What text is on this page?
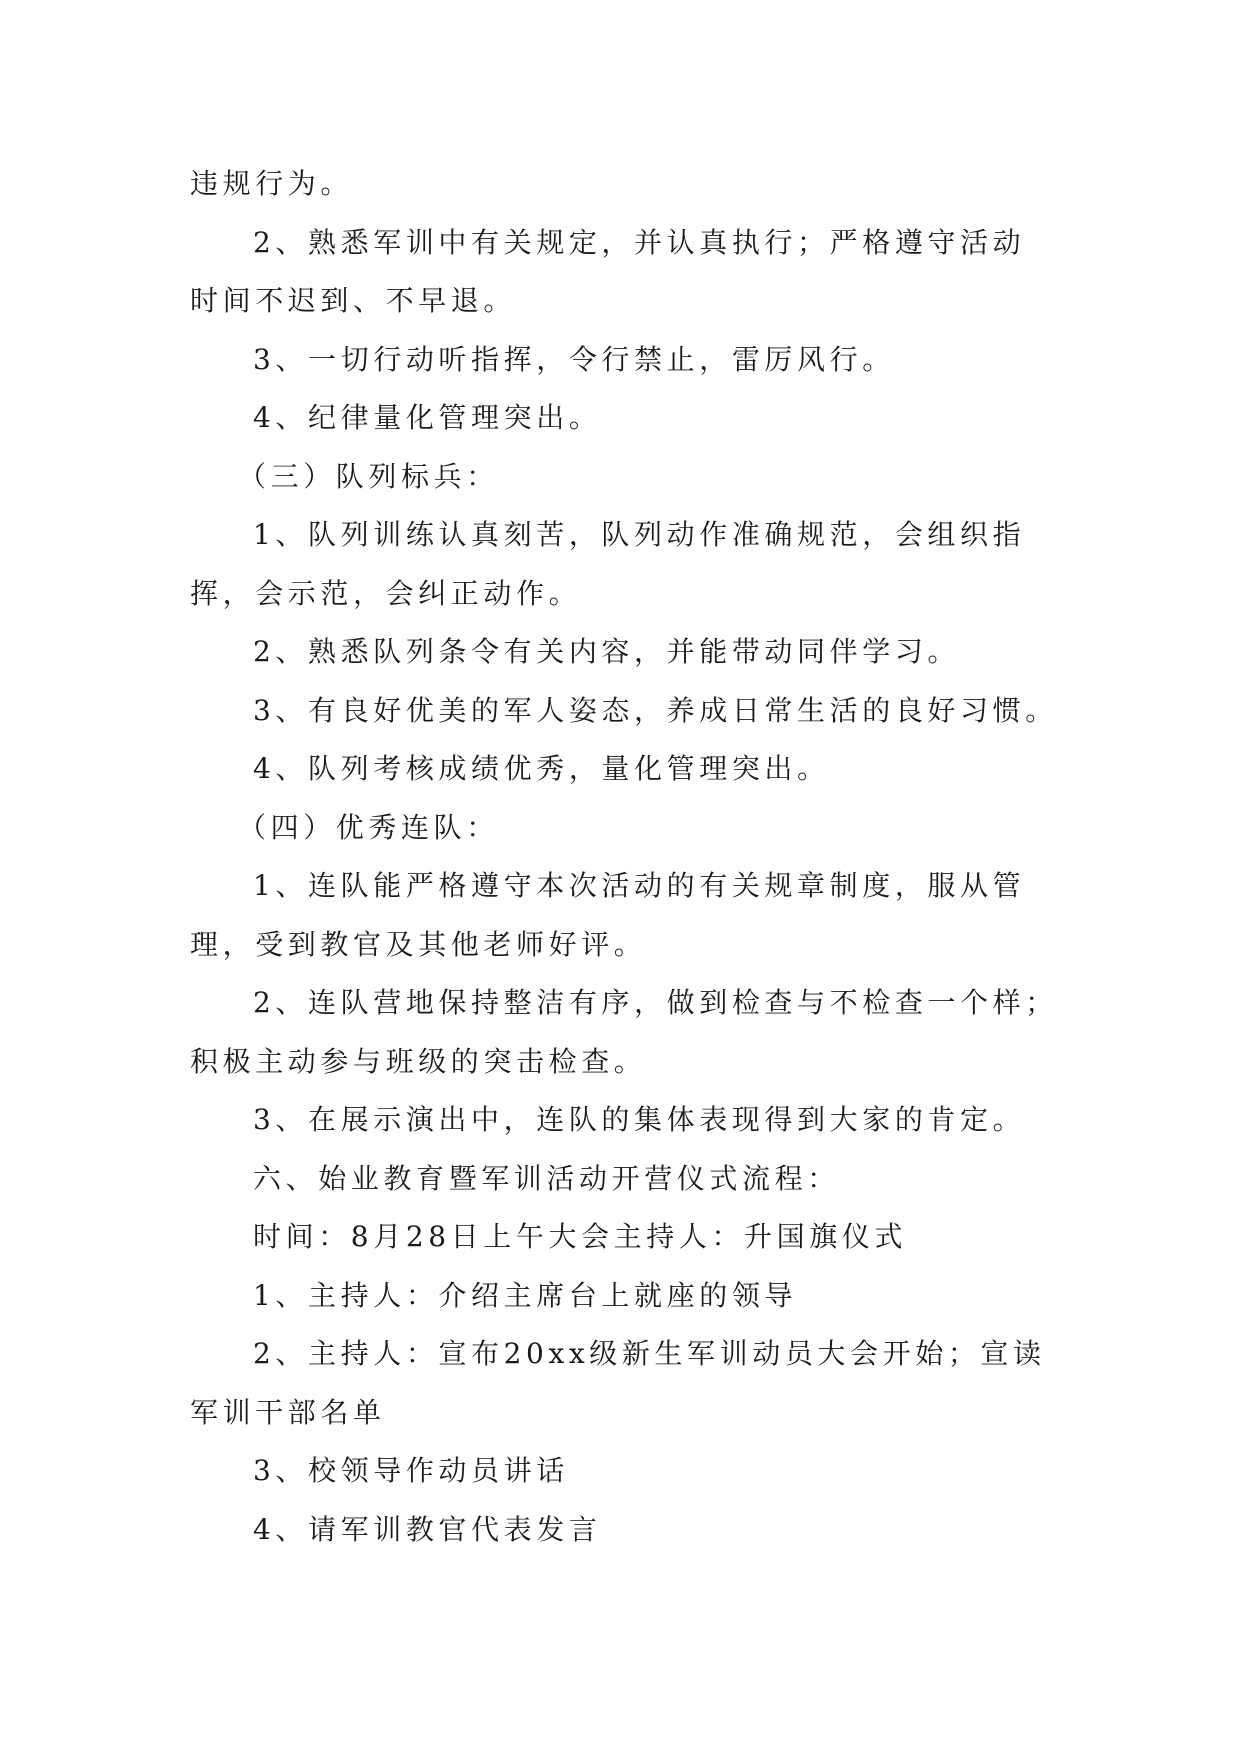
违规行为。
2、熟悉军训中有关规定，并认真执行；严格遵守活动
时间不迟到、不早退。
3、一切行动听指挥，令行禁止，雷厉风行。
4、纪律量化管理突出。
（三）队列标兵：
1、队列训练认真刻苦，队列动作准确规范，会组织指
挥，会示范，会纠正动作。
2、熟悉队列条令有关内容，并能带动同伴学习。
3、有良好优美的军人姿态，养成日常生活的良好习惯。
4、队列考核成绩优秀，量化管理突出。
（四）优秀连队：
1、连队能严格遵守本次活动的有关规章制度，服从管
理，受到教官及其他老师好评。
2、连队营地保持整洁有序，做到检查与不检查一个样；
积极主动参与班级的突击检查。
3、在展示演出中，连队的集体表现得到大家的肯定。
六、始业教育暨军训活动开营仪式流程：
时间：8月28日上午大会主持人：升国旗仪式
1、主持人：介绍主席台上就座的领导
2、主持人：宣布20xx级新生军训动员大会开始；宣读
军训干部名单
3、校领导作动员讲话
4、请军训教官代表发言
